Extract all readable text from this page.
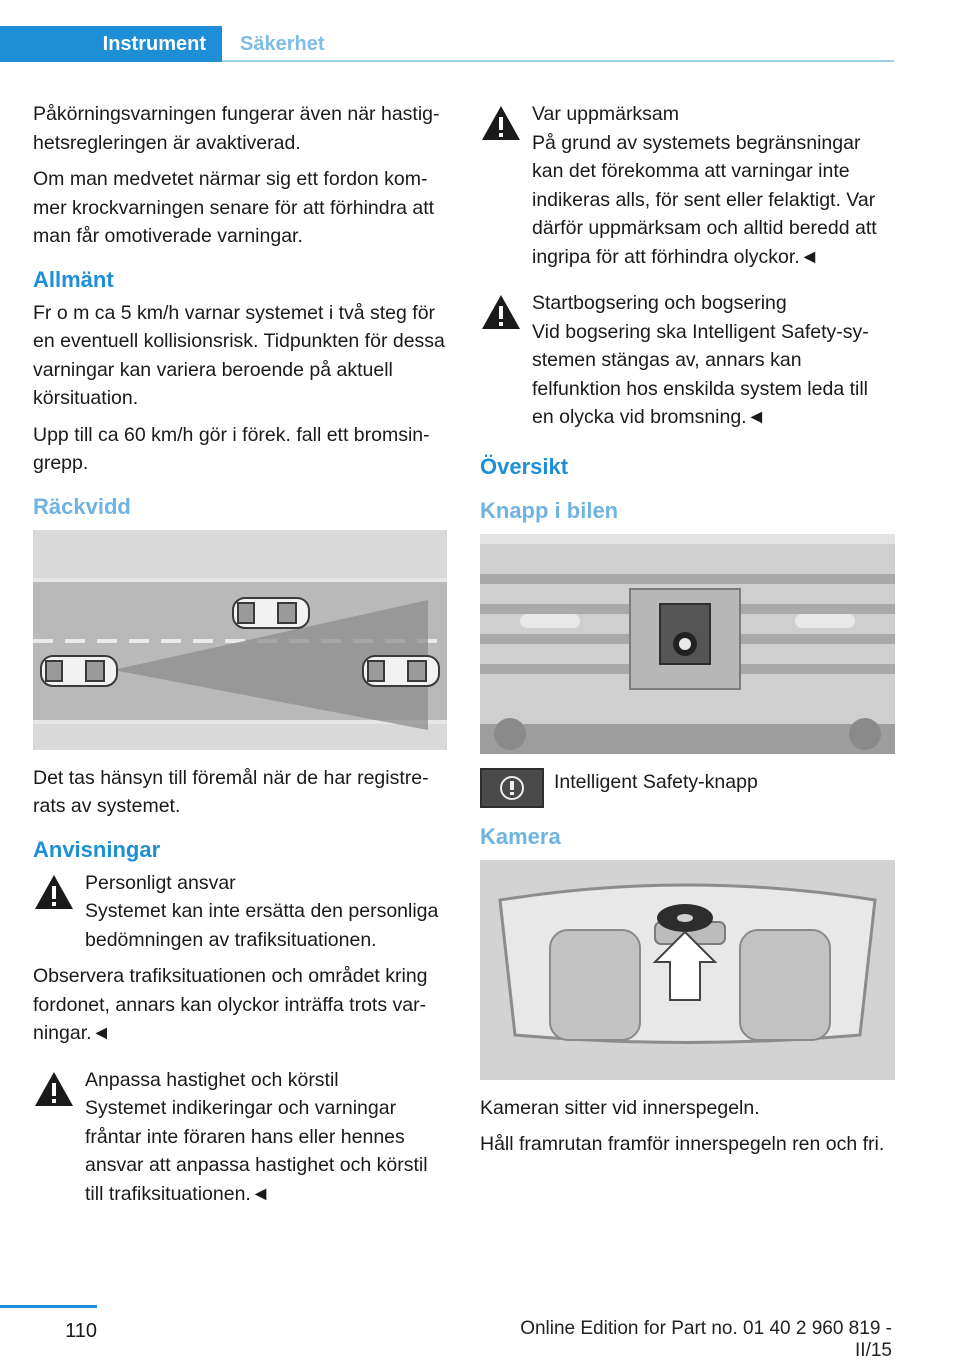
Instrument	Säkerhet

Påkörningsvarningen fungerar även när hastighetsregleringen är avaktiverad.

Om man medvetet närmar sig ett fordon kommer krockvarningen senare för att förhindra att man får omotiverade varningar.

Allmänt

Fr o m ca 5 km/h varnar systemet i två steg för en eventuell kollisionsrisk. Tidpunkten för dessa varningar kan variera beroende på aktuell körsituation.

Upp till ca 60 km/h gör i förek. fall ett bromsingrepp.

Räckvidd

Det tas hänsyn till föremål när de har registrerats av systemet.

Anvisningar
Personligt ansvar
Systemet kan inte ersätta den personliga bedömningen av trafiksituationen.

Observera trafiksituationen och området kring fordonet, annars kan olyckor inträffa trots varningar.◄

Anpassa hastighet och körstil
Systemet indikeringar och varningar fråntar inte föraren hans eller hennes ansvar att anpassa hastighet och körstil till trafiksituationen.◄
Var uppmärksam
På grund av systemets begränsningar kan det förekomma att varningar inte indikeras alls, för sent eller felaktigt. Var därför uppmärksam och alltid beredd att ingripa för att förhindra olyckor.◄
Startbogsering och bogsering
Vid bogsering ska Intelligent Safety-systemen stängas av, annars kan felfunktion hos enskilda system leda till en olycka vid bromsning.◄
Översikt
Knapp i bilen
Intelligent Safety-knapp
Kamera

Kameran sitter vid innerspegeln.

Håll framrutan framför innerspegeln ren och fri.

110	Online Edition for Part no. 01 40 2 960 819 - II/15
